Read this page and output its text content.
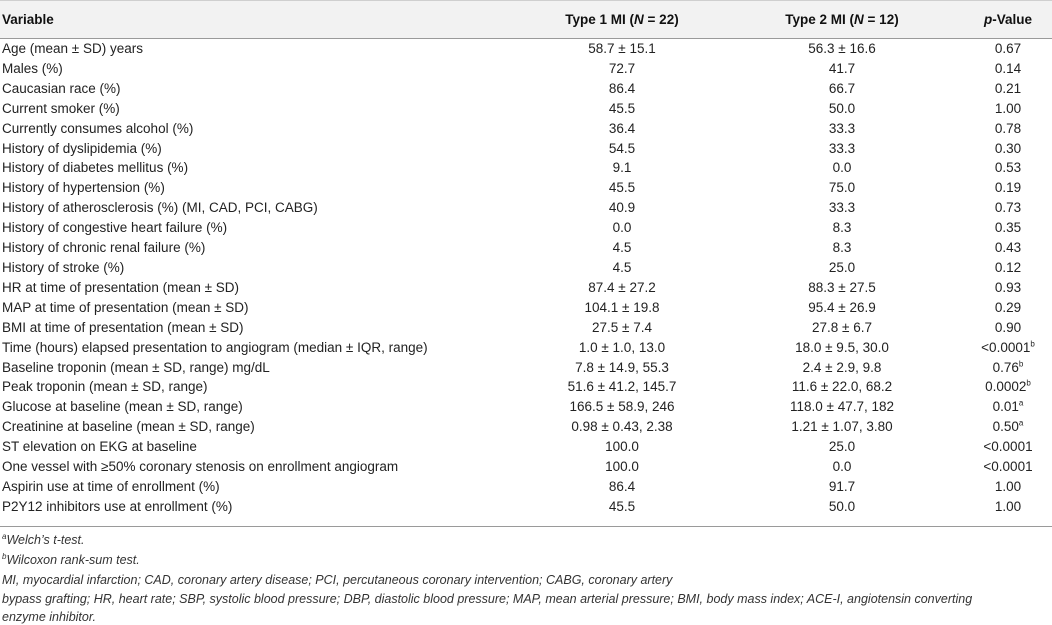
Variable	Type 1 MI (N = 22)	Type 2 MI (N = 12)	p-Value
Age (mean ± SD) years	58.7 ± 15.1	56.3 ± 16.6	0.67
Males (%)	72.7	41.7	0.14
Caucasian race (%)	86.4	66.7	0.21
Current smoker (%)	45.5	50.0	1.00
Currently consumes alcohol (%)	36.4	33.3	0.78
History of dyslipidemia (%)	54.5	33.3	0.30
History of diabetes mellitus (%)	9.1	0.0	0.53
History of hypertension (%)	45.5	75.0	0.19
History of atherosclerosis (%) (MI, CAD, PCI, CABG)	40.9	33.3	0.73
History of congestive heart failure (%)	0.0	8.3	0.35
History of chronic renal failure (%)	4.5	8.3	0.43
History of stroke (%)	4.5	25.0	0.12
HR at time of presentation (mean ± SD)	87.4 ± 27.2	88.3 ± 27.5	0.93
MAP at time of presentation (mean ± SD)	104.1 ± 19.8	95.4 ± 26.9	0.29
BMI at time of presentation (mean ± SD)	27.5 ± 7.4	27.8 ± 6.7	0.90
Time (hours) elapsed presentation to angiogram (median ± IQR, range)	1.0 ± 1.0, 13.0	18.0 ± 9.5, 30.0	<0.0001$^b$
Baseline troponin (mean ± SD, range) mg/dL	7.8 ± 14.9, 55.3	2.4 ± 2.9, 9.8	0.76$^b$
Peak troponin (mean ± SD, range)	51.6 ± 41.2, 145.7	11.6 ± 22.0, 68.2	0.0002$^b$
Glucose at baseline (mean ± SD, range)	166.5 ± 58.9, 246	118.0 ± 47.7, 182	0.01$^a$
Creatinine at baseline (mean ± SD, range)	0.98 ± 0.43, 2.38	1.21 ± 1.07, 3.80	0.50$^a$
ST elevation on EKG at baseline	100.0	25.0	<0.0001
One vessel with ≥50% coronary stenosis on enrollment angiogram	100.0	0.0	<0.0001
Aspirin use at time of enrollment (%)	86.4	91.7	1.00
P2Y12 inhibitors use at enrollment (%)	45.5	50.0	1.00
$^a$Welch’s t-test.
$^b$Wilcoxon rank-sum test.
MI, myocardial infarction; CAD, coronary artery disease; PCI, percutaneous coronary intervention; CABG, coronary artery
bypass grafting; HR, heart rate; SBP, systolic blood pressure; DBP, diastolic blood pressure; MAP, mean arterial pressure; BMI, body mass index; ACE-I, angiotensin converting
enzyme inhibitor.
